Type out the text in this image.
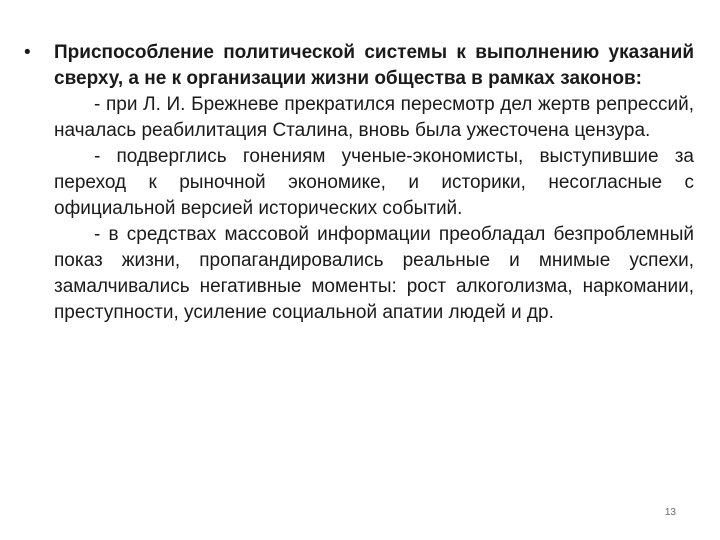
• Приспособление политической системы к выполнению указаний сверху, а не к организации жизни общества в рамках законов:

- при Л. И. Брежневе прекратился пересмотр дел жертв репрессий, началась реабилитация Сталина, вновь была ужесточена цензура.

- подверглись гонениям ученые-экономисты, выступившие за переход к рыночной экономике, и историки, несогласные с официальной версией исторических событий.

- в средствах массовой информации преобладал безпроблемный показ жизни, пропагандировались реальные и мнимые успехи, замалчивались негативные моменты: рост алкоголизма, наркомании, преступности, усиление социальной апатии людей и др.

13
